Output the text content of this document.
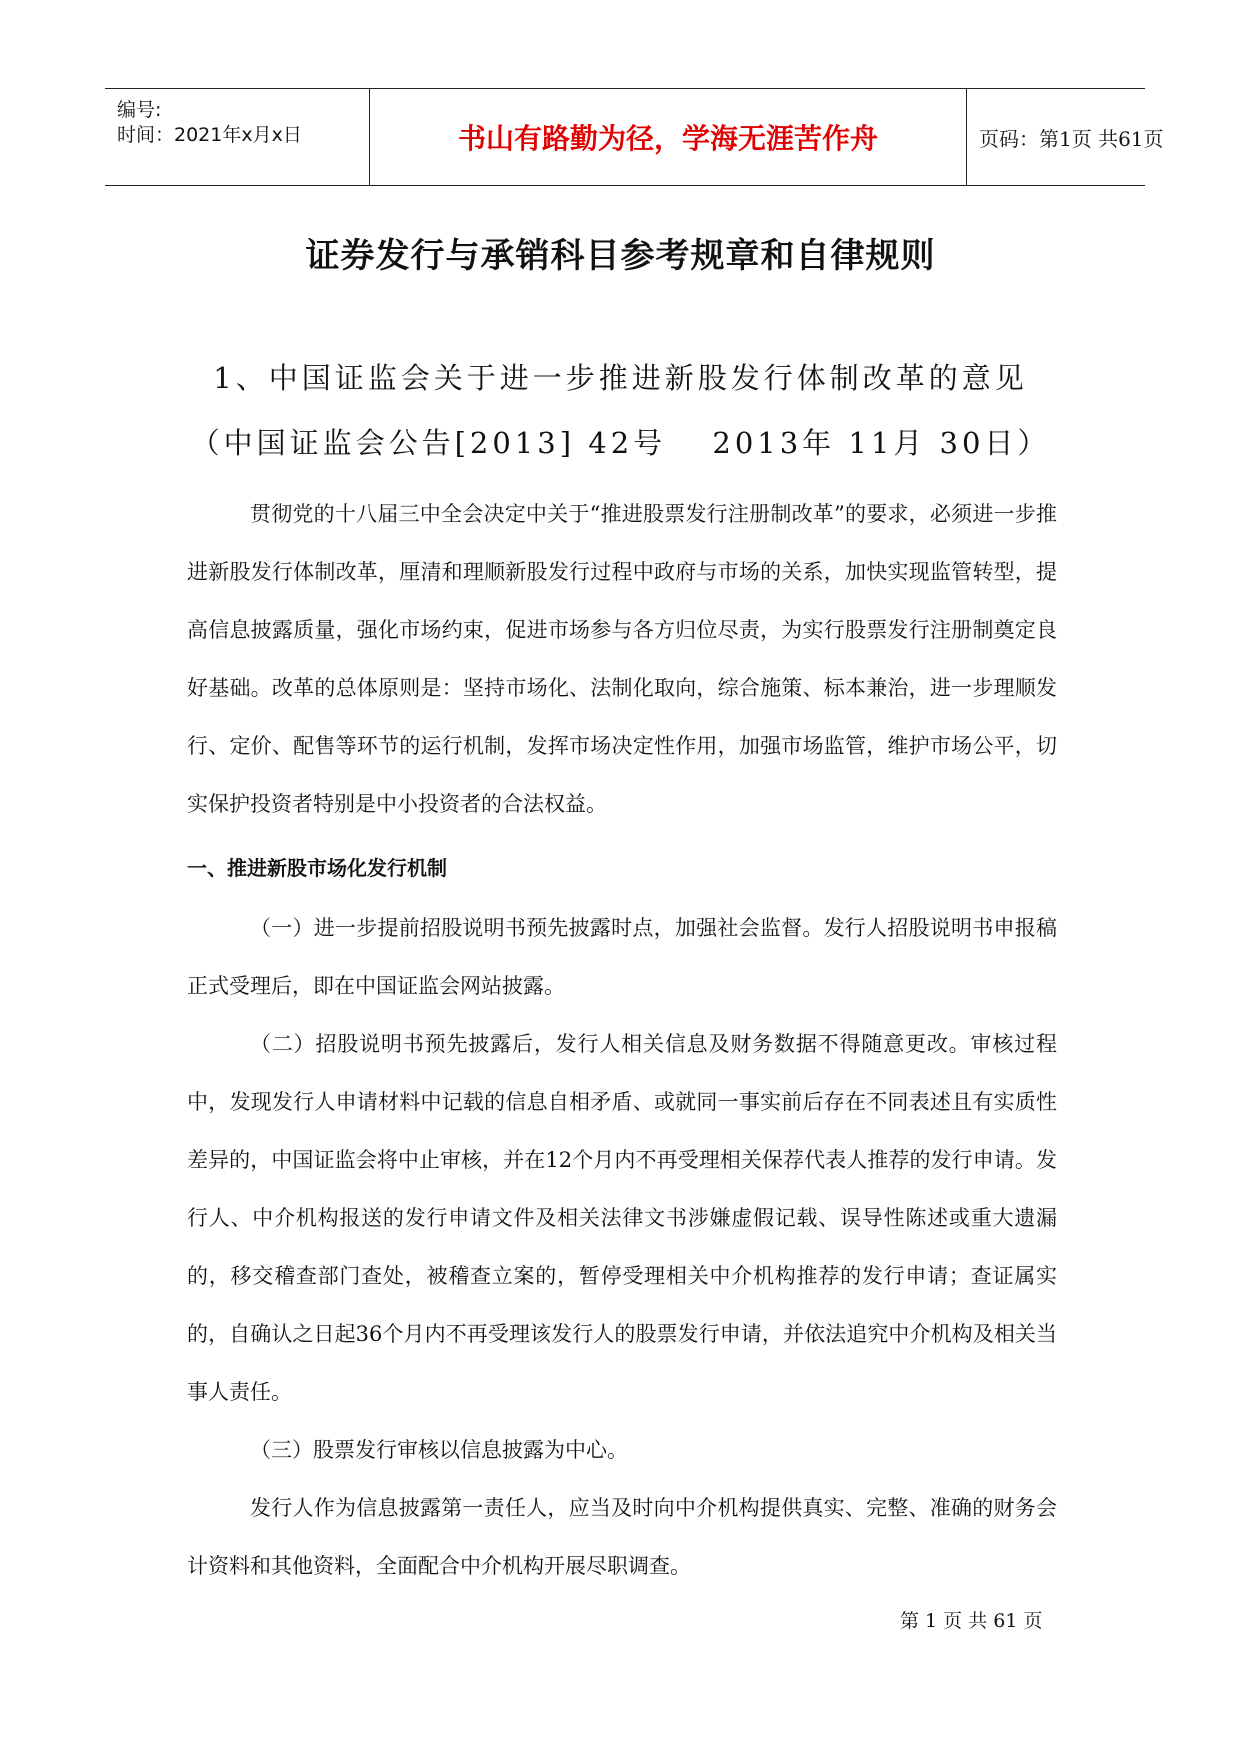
编号:
时间：2021年x月x日	书山有路勤为径，学海无涯苦作舟	页码：第1页 共61页
证券发行与承销科目参考规章和自律规则
1、中国证监会关于进一步推进新股发行体制改革的意见
（中国证监会公告[2013] 42号　 2013年 11月 30日）

贯彻党的十八届三中全会决定中关于“推进股票发行注册制改革”的要求，必须进一步推进新股发行体制改革，厘清和理顺新股发行过程中政府与市场的关系，加快实现监管转型，提高信息披露质量，强化市场约束，促进市场参与各方归位尽责，为实行股票发行注册制奠定良好基础。改革的总体原则是：坚持市场化、法制化取向，综合施策、标本兼治，进一步理顺发行、定价、配售等环节的运行机制，发挥市场决定性作用，加强市场监管，维护市场公平，切实保护投资者特别是中小投资者的合法权益。

一、推进新股市场化发行机制

（一）进一步提前招股说明书预先披露时点，加强社会监督。发行人招股说明书申报稿正式受理后，即在中国证监会网站披露。

（二）招股说明书预先披露后，发行人相关信息及财务数据不得随意更改。审核过程中，发现发行人申请材料中记载的信息自相矛盾、或就同一事实前后存在不同表述且有实质性差异的，中国证监会将中止审核，并在12个月内不再受理相关保荐代表人推荐的发行申请。发行人、中介机构报送的发行申请文件及相关法律文书涉嫌虚假记载、误导性陈述或重大遗漏的，移交稽查部门查处，被稽查立案的，暂停受理相关中介机构推荐的发行申请；查证属实的，自确认之日起36个月内不再受理该发行人的股票发行申请，并依法追究中介机构及相关当事人责任。

（三）股票发行审核以信息披露为中心。

发行人作为信息披露第一责任人，应当及时向中介机构提供真实、完整、准确的财务会计资料和其他资料，全面配合中介机构开展尽职调查。

第 1 页 共 61 页
